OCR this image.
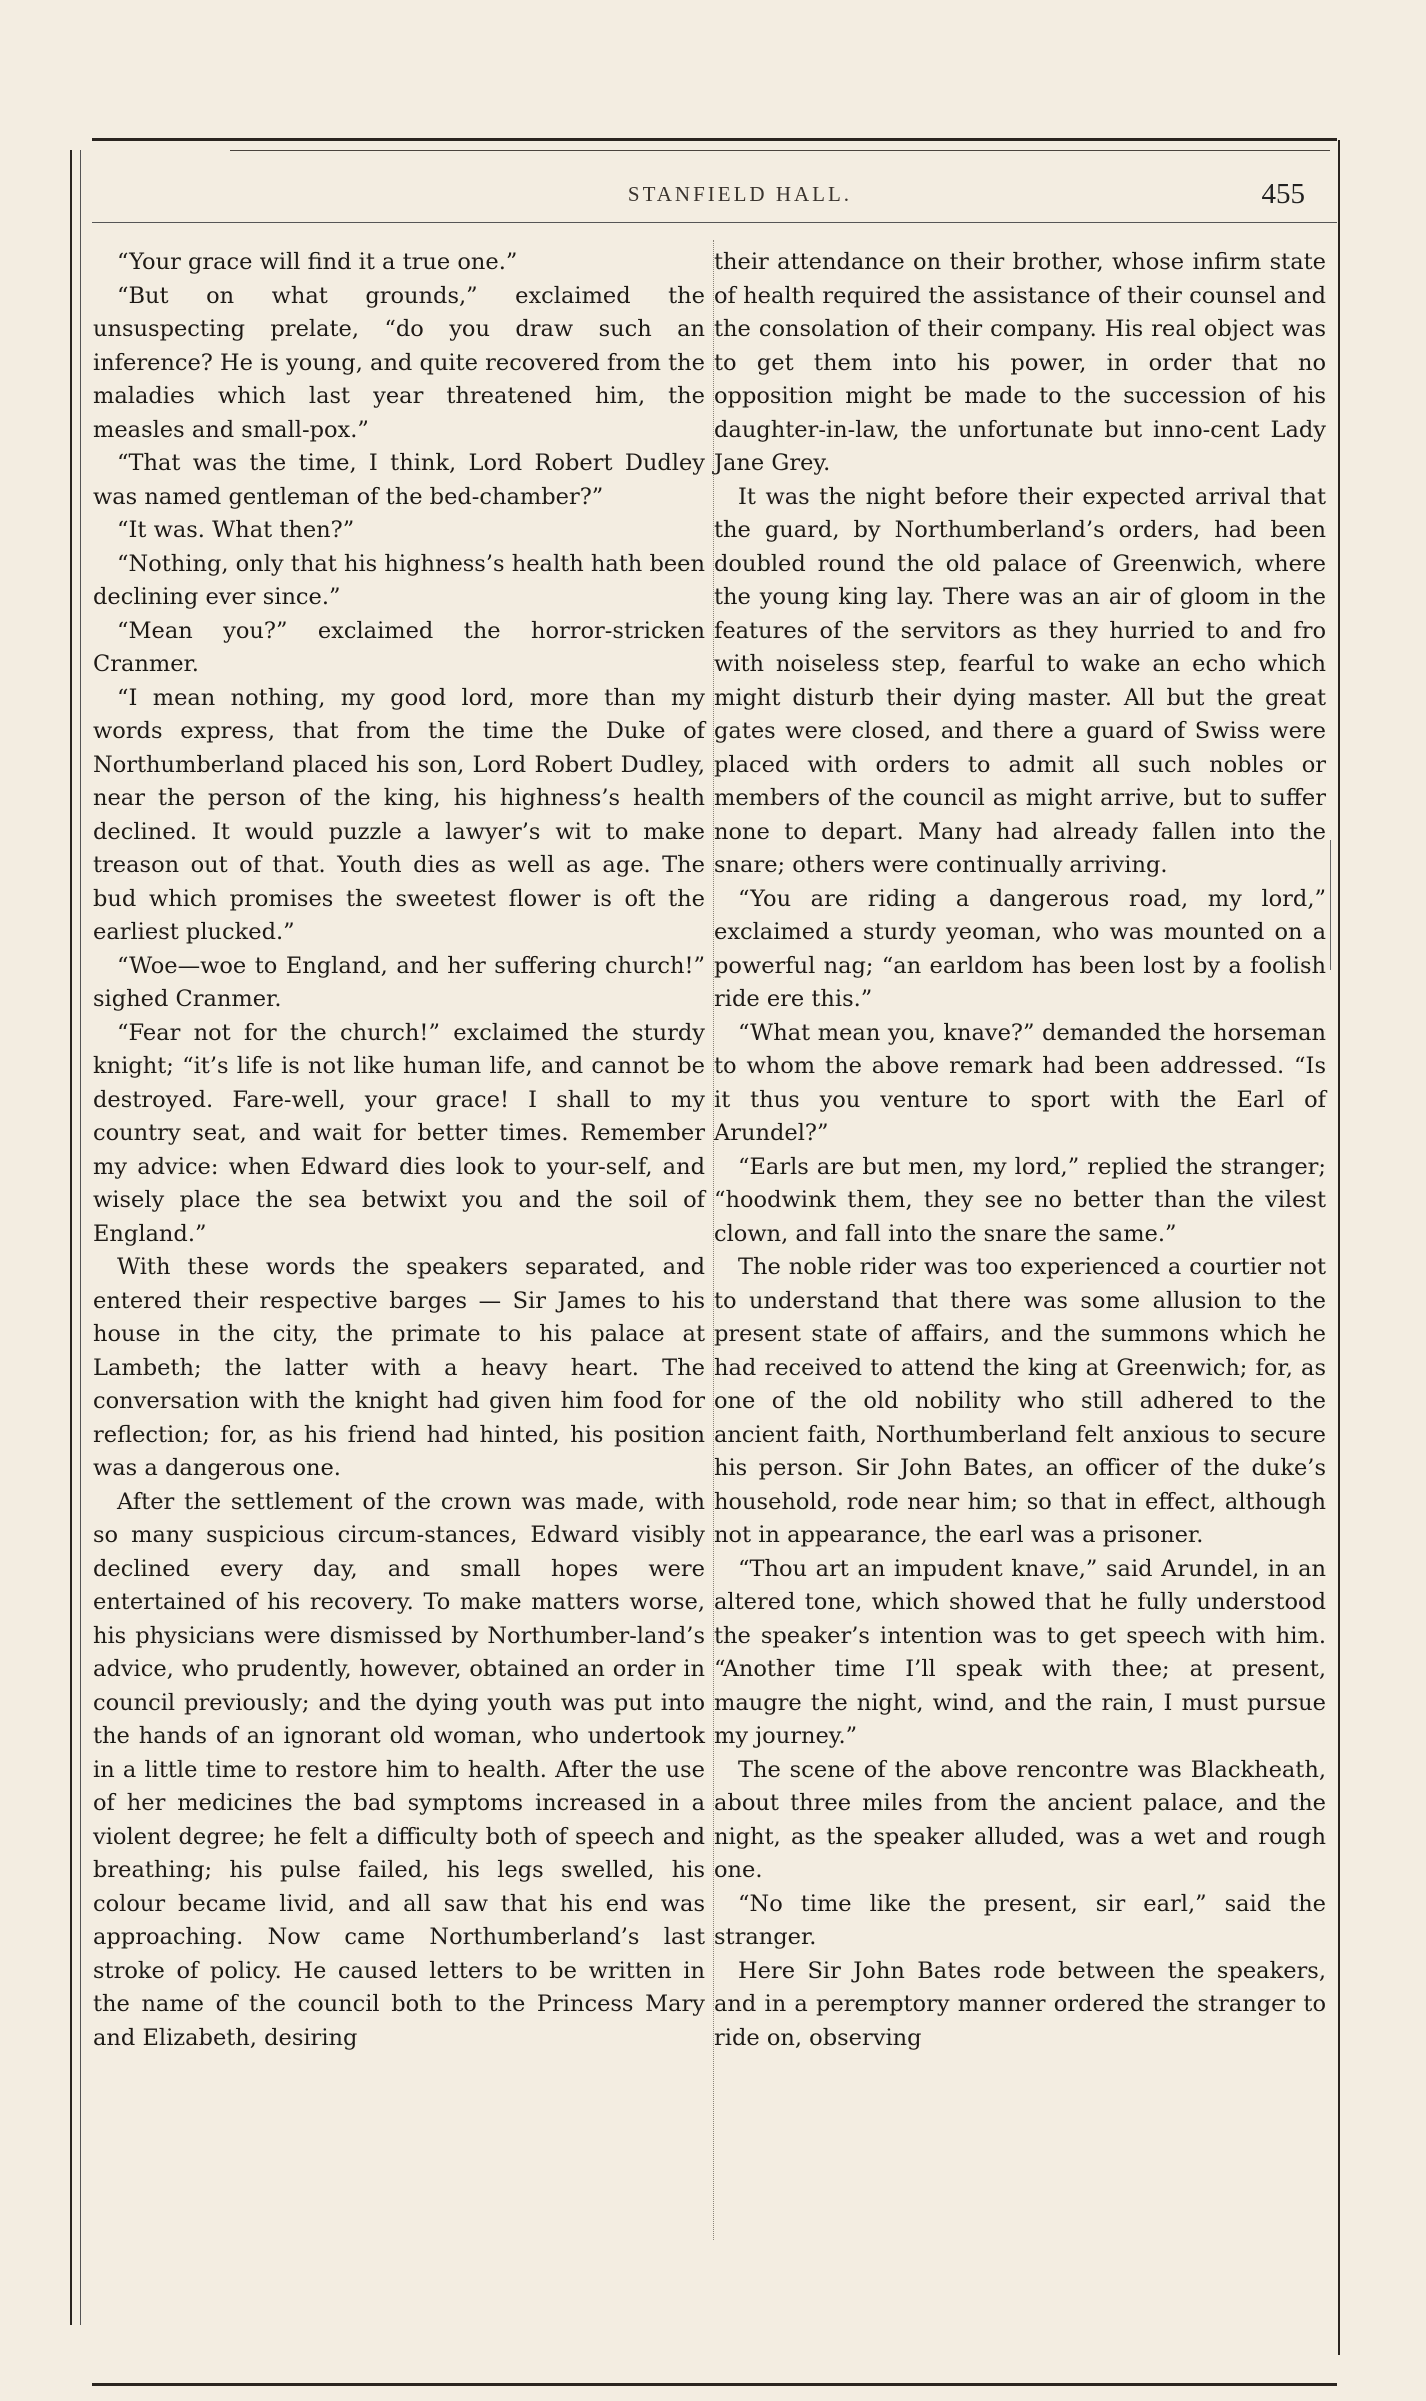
STANFIELD HALL.	455

“Your grace will find it a true one.”

“But on what grounds,” exclaimed the unsuspecting prelate, “do you draw such an inference? He is young, and quite recovered from the maladies which last year threatened him, the measles and small-pox.”

“That was the time, I think, Lord Robert Dudley was named gentleman of the bed-chamber?”

“It was. What then?”

“Nothing, only that his highness’s health hath been declining ever since.”

“Mean you?” exclaimed the horror-stricken Cranmer.

“I mean nothing, my good lord, more than my words express, that from the time the Duke of Northumberland placed his son, Lord Robert Dudley, near the person of the king, his highness’s health declined. It would puzzle a lawyer’s wit to make treason out of that. Youth dies as well as age. The bud which promises the sweetest flower is oft the earliest plucked.”

“Woe—woe to England, and her suffering church!” sighed Cranmer.

“Fear not for the church!” exclaimed the sturdy knight; “it’s life is not like human life, and cannot be destroyed. Fare-well, your grace! I shall to my country seat, and wait for better times. Remember my advice: when Edward dies look to your-self, and wisely place the sea betwixt you and the soil of England.”

With these words the speakers separated, and entered their respective barges — Sir James to his house in the city, the primate to his palace at Lambeth; the latter with a heavy heart. The conversation with the knight had given him food for reflection; for, as his friend had hinted, his position was a dangerous one.

After the settlement of the crown was made, with so many suspicious circum-stances, Edward visibly declined every day, and small hopes were entertained of his recovery. To make matters worse, his physicians were dismissed by Northumber-land’s advice, who prudently, however, obtained an order in council previously; and the dying youth was put into the hands of an ignorant old woman, who undertook in a little time to restore him to health. After the use of her medicines the bad symptoms increased in a violent degree; he felt a difficulty both of speech and breathing; his pulse failed, his legs swelled, his colour became livid, and all saw that his end was approaching. Now came Northumberland’s last stroke of policy. He caused letters to be written in the name of the council both to the Princess Mary and Elizabeth, desiring

their attendance on their brother, whose infirm state of health required the assistance of their counsel and the consolation of their company. His real object was to get them into his power, in order that no opposition might be made to the succession of his daughter-in-law, the unfortunate but inno-cent Lady Jane Grey.

It was the night before their expected arrival that the guard, by Northumberland’s orders, had been doubled round the old palace of Greenwich, where the young king lay. There was an air of gloom in the features of the servitors as they hurried to and fro with noiseless step, fearful to wake an echo which might disturb their dying master. All but the great gates were closed, and there a guard of Swiss were placed with orders to admit all such nobles or members of the council as might arrive, but to suffer none to depart. Many had already fallen into the snare; others were continually arriving.

“You are riding a dangerous road, my lord,” exclaimed a sturdy yeoman, who was mounted on a powerful nag; “an earldom has been lost by a foolish ride ere this.”

“What mean you, knave?” demanded the horseman to whom the above remark had been addressed. “Is it thus you venture to sport with the Earl of Arundel?”

“Earls are but men, my lord,” replied the stranger; “hoodwink them, they see no better than the vilest clown, and fall into the snare the same.”

The noble rider was too experienced a courtier not to understand that there was some allusion to the present state of affairs, and the summons which he had received to attend the king at Greenwich; for, as one of the old nobility who still adhered to the ancient faith, Northumberland felt anxious to secure his person. Sir John Bates, an officer of the duke’s household, rode near him; so that in effect, although not in appearance, the earl was a prisoner.

“Thou art an impudent knave,” said Arundel, in an altered tone, which showed that he fully understood the speaker’s intention was to get speech with him. “Another time I’ll speak with thee; at present, maugre the night, wind, and the rain, I must pursue my journey.”

The scene of the above rencontre was Blackheath, about three miles from the ancient palace, and the night, as the speaker alluded, was a wet and rough one.

“No time like the present, sir earl,” said the stranger.

Here Sir John Bates rode between the speakers, and in a peremptory manner ordered the stranger to ride on, observing
